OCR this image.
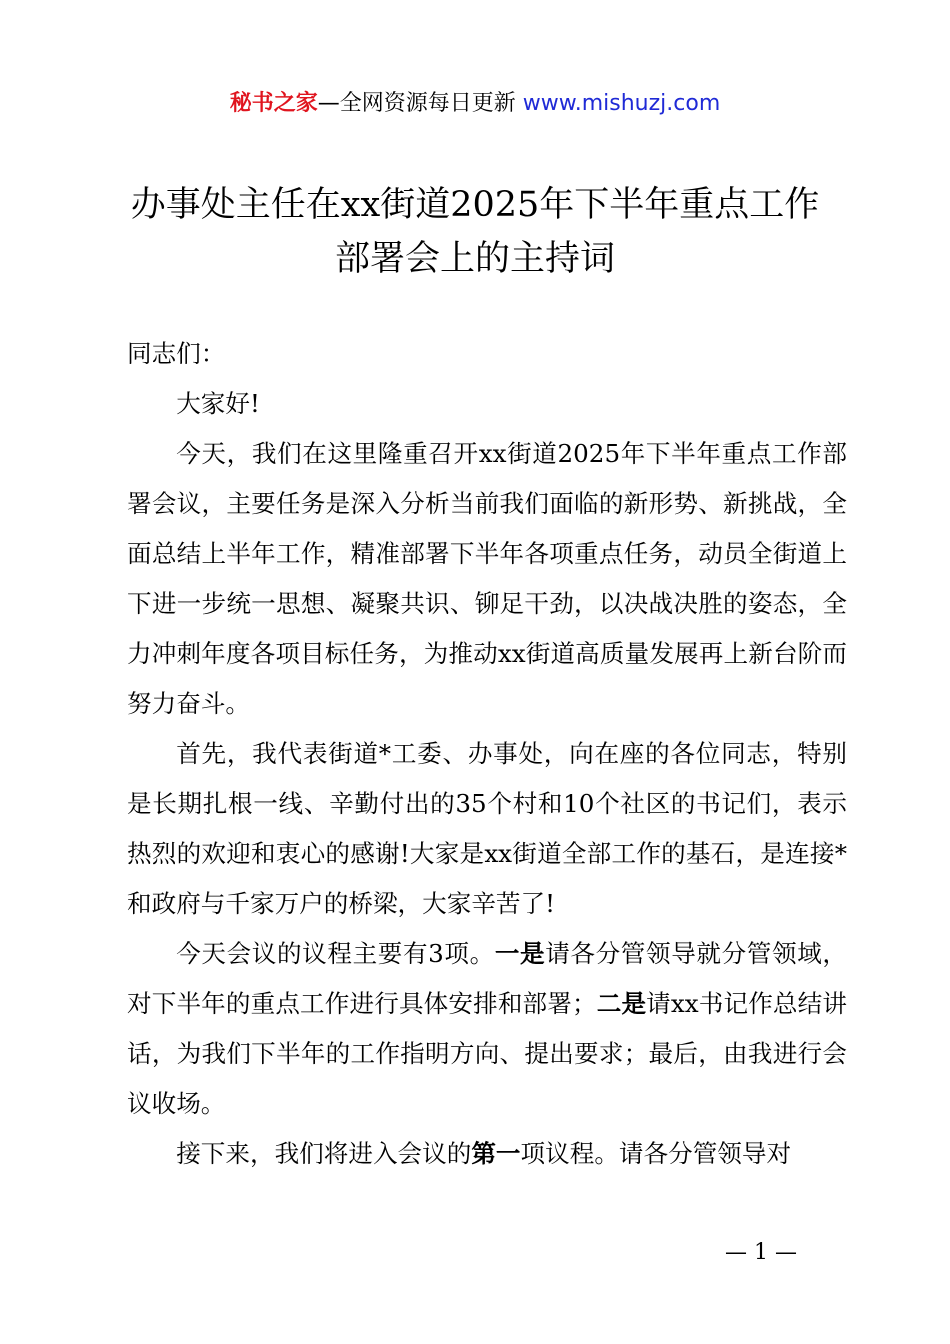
秘书之家—全网资源每日更新 www.mishuzj.com
办事处主任在xx街道2025年下半年重点工作
部署会上的主持词

同志们：

大家好!

今天，我们在这里隆重召开xx街道2025年下半年重点工作部署会议，主要任务是深入分析当前我们面临的新形势、新挑战，全面总结上半年工作，精准部署下半年各项重点任务，动员全街道上下进一步统一思想、凝聚共识、铆足干劲，以决战决胜的姿态，全力冲刺年度各项目标任务，为推动xx街道高质量发展再上新台阶而努力奋斗。

首先，我代表街道*工委、办事处，向在座的各位同志，特别是长期扎根一线、辛勤付出的35个村和10个社区的书记们，表示热烈的欢迎和衷心的感谢!大家是xx街道全部工作的基石，是连接*和政府与千家万户的桥梁，大家辛苦了!

今天会议的议程主要有3项。一是请各分管领导就分管领域，对下半年的重点工作进行具体安排和部署；二是请xx书记作总结讲话，为我们下半年的工作指明方向、提出要求；最后，由我进行会议收场。

接下来，我们将进入会议的第一项议程。请各分管领导对

— 1 —
